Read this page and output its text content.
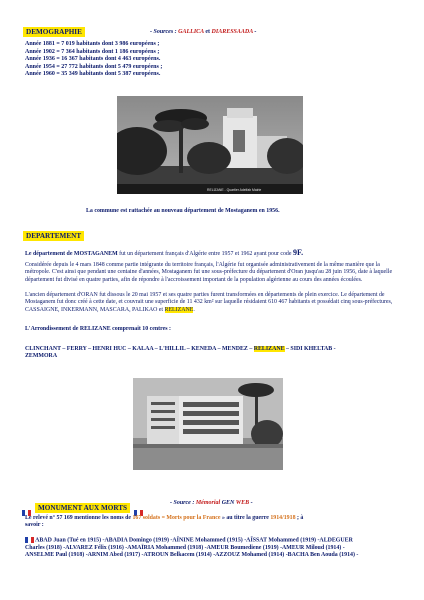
DEMOGRAPHIE	- Sources : GALLICA et DIARESSAADA -
Année 1881 = 7 019 habitants dont 3 986 européens ;
Année 1902 = 7 364 habitants dont 1 186 européens ;
Année 1936 = 16 367 habitants dont 4 463 européens.
Année 1954 = 27 772 habitants dont 5 479 européens ;
Année 1960 = 35 349 habitants dont 5 387 européens.
RELIZANE - Quartier Adelfab Mairie
La commune est rattachée au nouveau département de Mostaganem en 1956.
DEPARTEMENT
Le département de MOSTAGANEM fut un département français d'Algérie entre 1957 et 1962 ayant pour code 9F.
Considérée depuis le 4 mars 1848 comme partie intégrante du territoire français, l'Algérie fut organisée administrativement de la même manière que la métropole. C'est ainsi que pendant une centaine d'années, Mostaganem fut une sous-préfecture du département d'Oran jusqu'au 28 juin 1956, date à laquelle département fut divisé en quatre parties, afin de répondre à l'accroissement important de la population algérienne au cours des années écoulées.
L'ancien département d'ORAN fut dissous le 20 mai 1957 et ses quatre parties furent transformées en départements de plein exercice. Le département de Mostaganem fut donc créé à cette date, et couvrait une superficie de 11 432 km² sur laquelle résidaient 610 467 habitants et possédait cinq sous-préfectures, CASSAIGNE, INKERMANN, MASCARA, PALIKAO et RELIZANE.
L'Arrondissement de RELIZANE comprenait 10 centres :
CLINCHANT – FERRY – HENRI HUC – KALAA – L'HILLIL – KENEDA – MENDEZ – RELIZANE – SIDI KHELTAB -
ZEMMORA
MONUMENT AUX MORTS
- Source : Mémorial GEN WEB -
Le relevé n° 57 169 mentionne les noms de 167 soldats = Morts pour la France » au titre la guerre 1914/1918 ; à
savoir :
ABAD Juan (Tué en 1915) -ABADIA Domingo (1919) -AÏNINE Mohammed (1915) -AÏSSAT Mohammed (1919) -ALDEGUER
Charles (1918) -ALVAREZ Félix (1916) -AMAÏRIA Mohammed (1918) -AMEUR Boumediene (1919) -AMEUR Miloud (1914) -
ANSELME Paul (1918) -ARNIM Abed (1917) -ATROUN Belkacem (1914) -AZZOUZ Mohamed (1914) -BACHA Ben Aouda (1914) -
